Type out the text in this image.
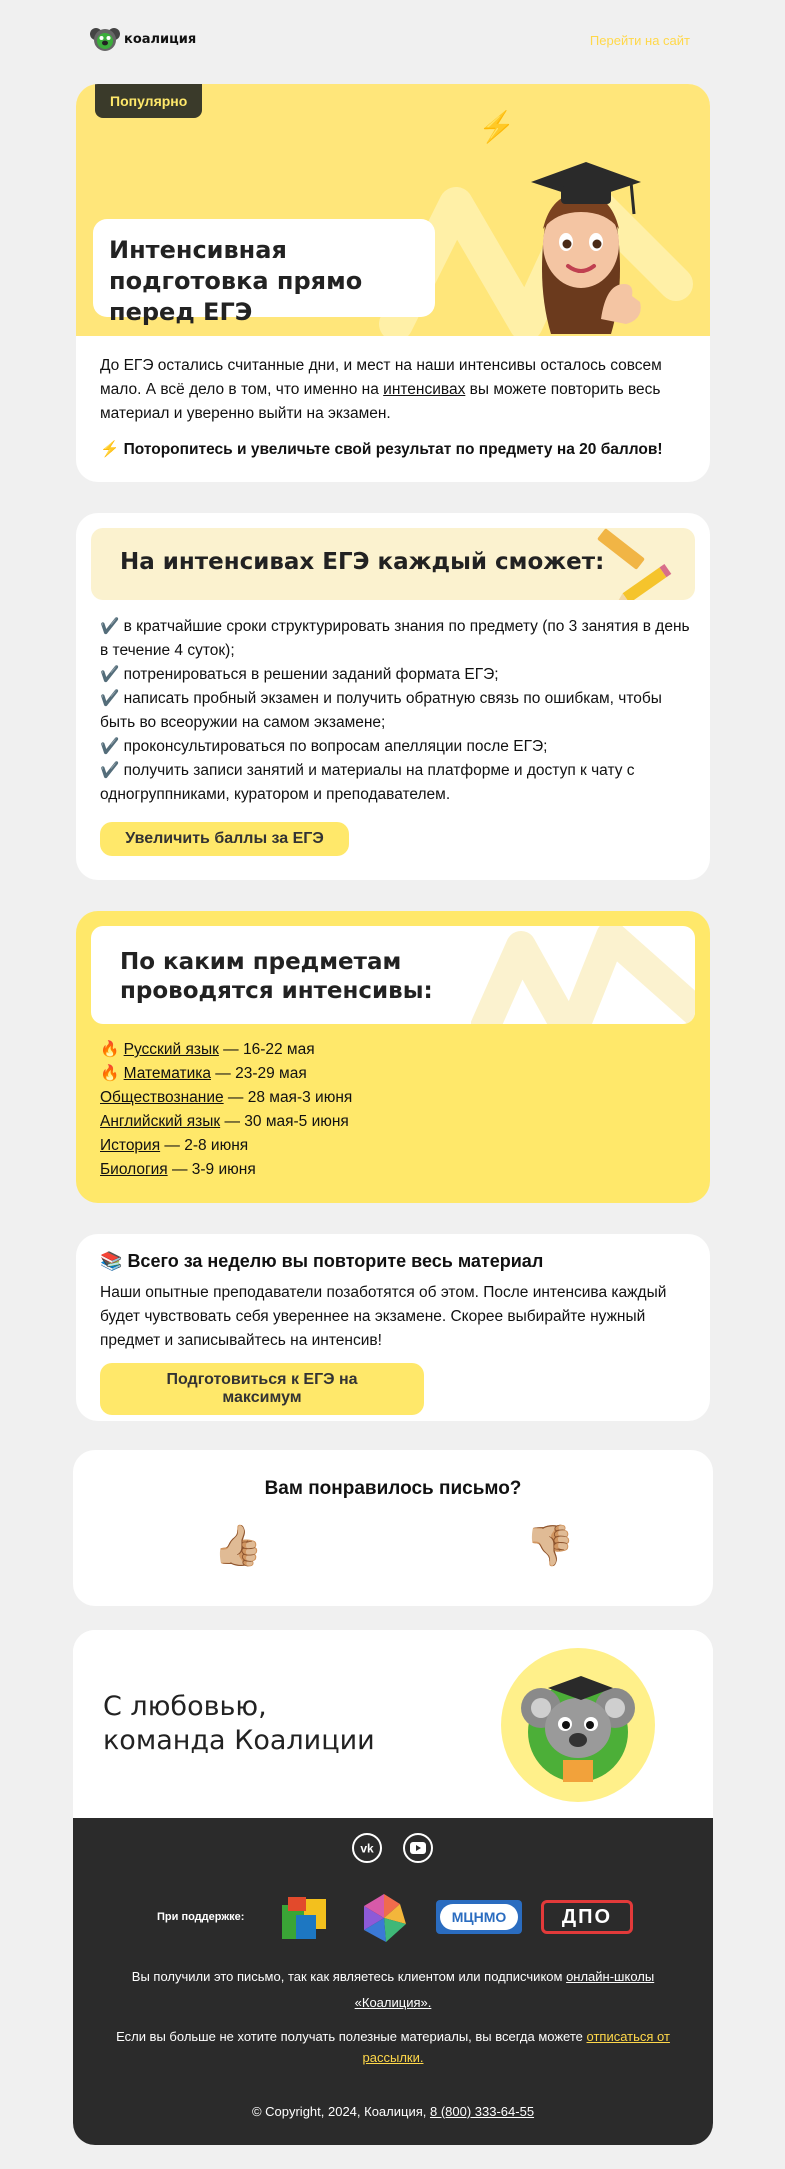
коалиция	Перейти на сайт
⚡
Популярно
Интенсивная подготовка прямо перед ЕГЭ
До ЕГЭ остались считанные дни, и мест на наши интенсивы осталось совсем мало. А всё дело в том, что именно на интенсивах вы можете повторить весь материал и уверенно выйти на экзамен.
⚡ Поторопитесь и увеличьте свой результат по предмету на 20 баллов!
На интенсивах ЕГЭ каждый сможет:
✔️ в кратчайшие сроки структурировать знания по предмету (по 3 занятия в день в течение 4 суток);
✔️ потренироваться в решении заданий формата ЕГЭ;
✔️ написать пробный экзамен и получить обратную связь по ошибкам, чтобы быть во всеоружии на самом экзамене;
✔️ проконсультироваться по вопросам апелляции после ЕГЭ;
✔️ получить записи занятий и материалы на платформе и доступ к чату с одногруппниками, куратором и преподавателем.
Увеличить баллы за ЕГЭ
По каким предметам проводятся интенсивы:
🔥 Русский язык — 16-22 мая
🔥 Математика — 23-29 мая
Обществознание — 28 мая-3 июня
Английский язык — 30 мая-5 июня
История — 2-8 июня
Биология — 3-9 июня
📚 Всего за неделю вы повторите весь материал
Наши опытные преподаватели позаботятся об этом. После интенсива каждый будет чувствовать себя увереннее на экзамене. Скорее выбирайте нужный предмет и записывайтесь на интенсив!
Подготовиться к ЕГЭ на максимум
Вам понравилось письмо?
👍🏼	👎🏼
С любовью,
команда Коалиции
vk
При поддержке:	МЦНМО	ДПО
Вы получили это письмо, так как являетесь клиентом или подписчиком онлайн-школы «Коалиция».
Если вы больше не хотите получать полезные материалы, вы всегда можете отписаться от рассылки.
© Copyright, 2024, Коалиция, 8 (800) 333-64-55
